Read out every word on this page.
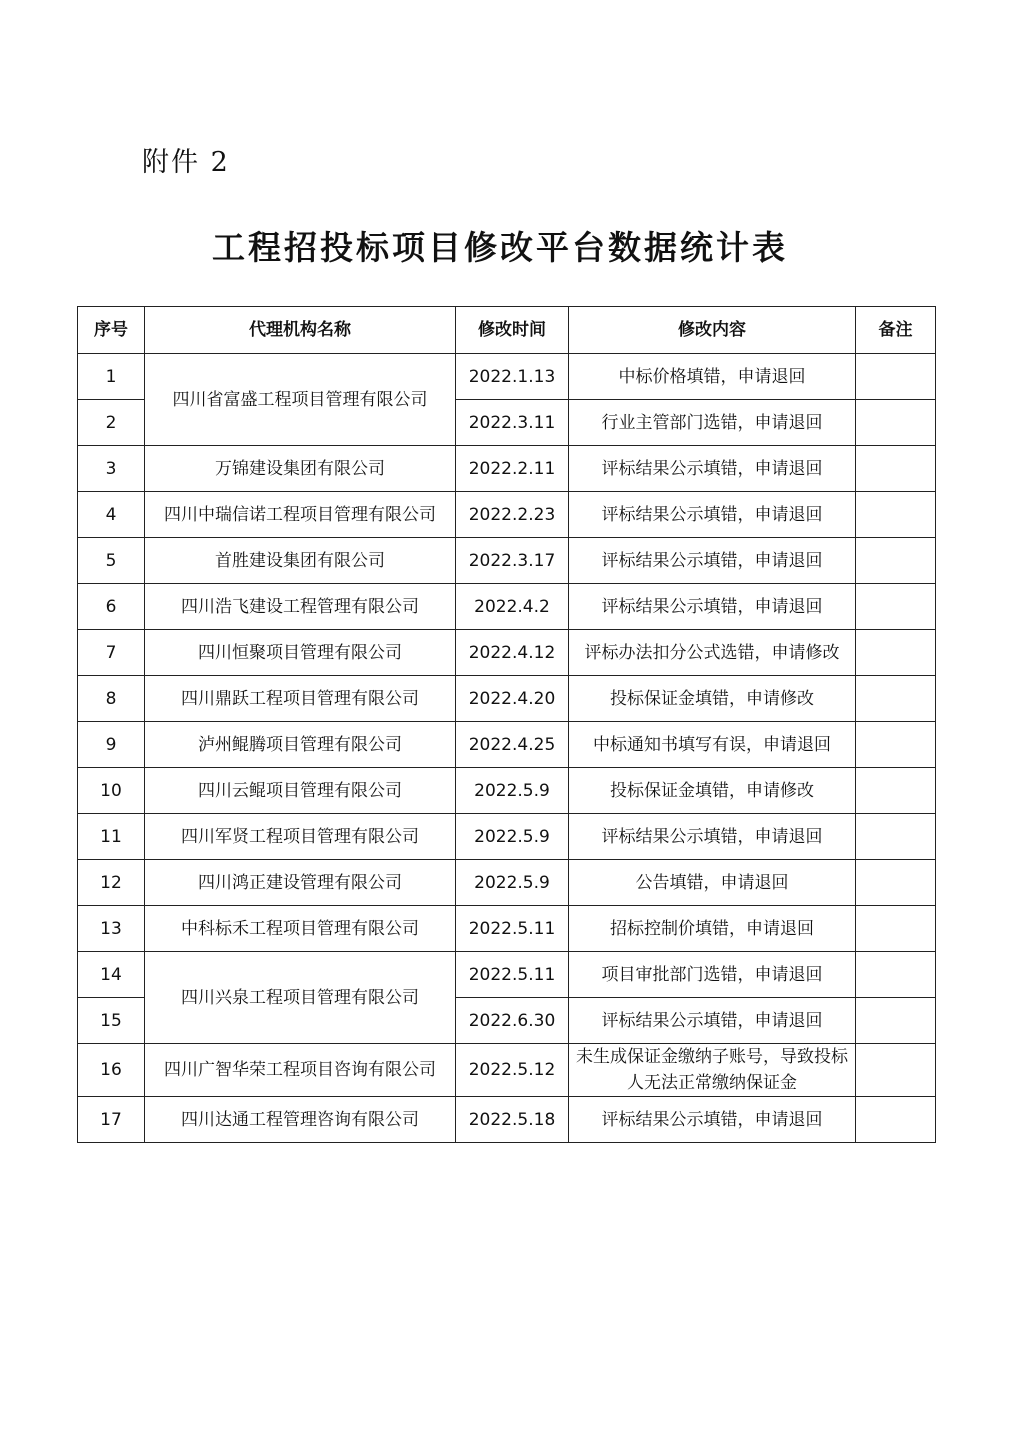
附件 2
工程招投标项目修改平台数据统计表
序号	代理机构名称	修改时间	修改内容	备注
1	四川省富盛工程项目管理有限公司	2022.1.13	中标价格填错，申请退回	
2		2022.3.11	行业主管部门选错，申请退回	
3	万锦建设集团有限公司	2022.2.11	评标结果公示填错，申请退回	
4	四川中瑞信诺工程项目管理有限公司	2022.2.23	评标结果公示填错，申请退回	
5	首胜建设集团有限公司	2022.3.17	评标结果公示填错，申请退回	
6	四川浩飞建设工程管理有限公司	2022.4.2	评标结果公示填错，申请退回	
7	四川恒聚项目管理有限公司	2022.4.12	评标办法扣分公式选错，申请修改	
8	四川鼎跃工程项目管理有限公司	2022.4.20	投标保证金填错，申请修改	
9	泸州鲲腾项目管理有限公司	2022.4.25	中标通知书填写有误，申请退回	
10	四川云鲲项目管理有限公司	2022.5.9	投标保证金填错，申请修改	
11	四川军贤工程项目管理有限公司	2022.5.9	评标结果公示填错，申请退回	
12	四川鸿正建设管理有限公司	2022.5.9	公告填错，申请退回	
13	中科标禾工程项目管理有限公司	2022.5.11	招标控制价填错，申请退回	
14	四川兴泉工程项目管理有限公司	2022.5.11	项目审批部门选错，申请退回	
15		2022.6.30	评标结果公示填错，申请退回	
16	四川广智华荣工程项目咨询有限公司	2022.5.12	未生成保证金缴纳子账号，导致投标人无法正常缴纳保证金	
17	四川达通工程管理咨询有限公司	2022.5.18	评标结果公示填错，申请退回	
